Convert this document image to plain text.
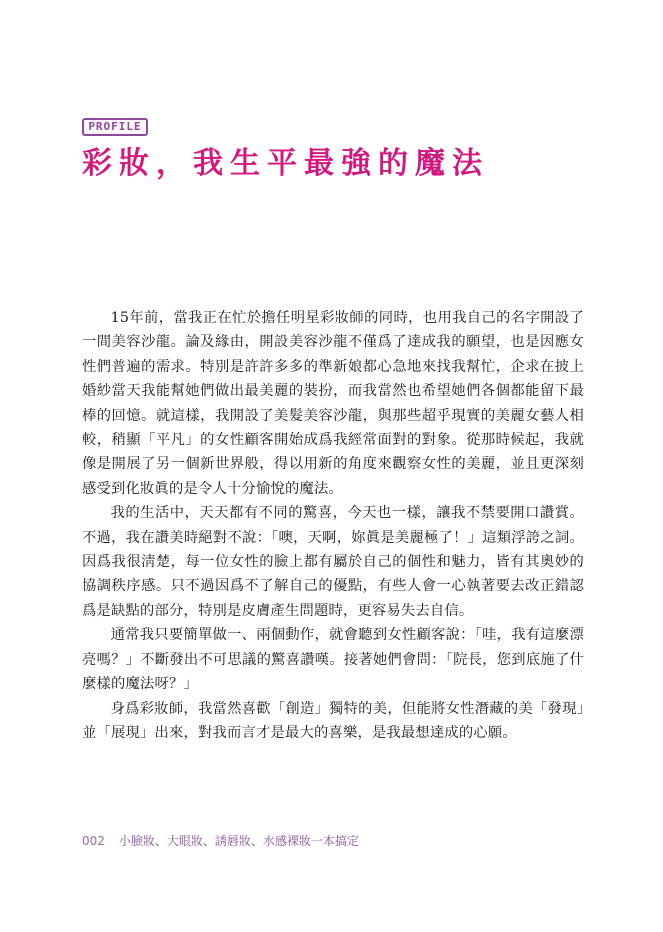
PROFILE
彩妝，我生平最強的魔法

15年前，當我正在忙於擔任明星彩妝師的同時，也用我自己的名字開設了一間美容沙龍。論及緣由，開設美容沙龍不僅爲了達成我的願望，也是因應女性們普遍的需求。特別是許許多多的準新娘都心急地來找我幫忙，企求在披上婚紗當天我能幫她們做出最美麗的裝扮，而我當然也希望她們各個都能留下最棒的回憶。就這樣，我開設了美髮美容沙龍，與那些超乎現實的美麗女藝人相較，稍顯「平凡」的女性顧客開始成爲我經常面對的對象。從那時候起，我就像是開展了另一個新世界般，得以用新的角度來觀察女性的美麗，並且更深刻感受到化妝眞的是令人十分愉悅的魔法。

我的生活中，天天都有不同的驚喜，今天也一樣，讓我不禁要開口讚賞。不過，我在讚美時絕對不說：「噢，天啊，妳眞是美麗極了！」這類浮誇之詞。因爲我很淸楚，每一位女性的臉上都有屬於自己的個性和魅力，皆有其奧妙的協調秩序感。只不過因爲不了解自己的優點，有些人會一心執著要去改正錯認爲是缺點的部分，特別是皮膚產生問題時，更容易失去自信。

通常我只要簡單做一、兩個動作，就會聽到女性顧客說：「哇，我有這麼漂亮嗎？」不斷發出不可思議的驚喜讚嘆。接著她們會問：「院長，您到底施了什麼樣的魔法呀？」

身爲彩妝師，我當然喜歡「創造」獨特的美，但能將女性潛藏的美「發現」並「展現」出來，對我而言才是最大的喜樂，是我最想達成的心願。

002 小臉妝、大眼妝、誘唇妝、水感裸妝一本搞定
